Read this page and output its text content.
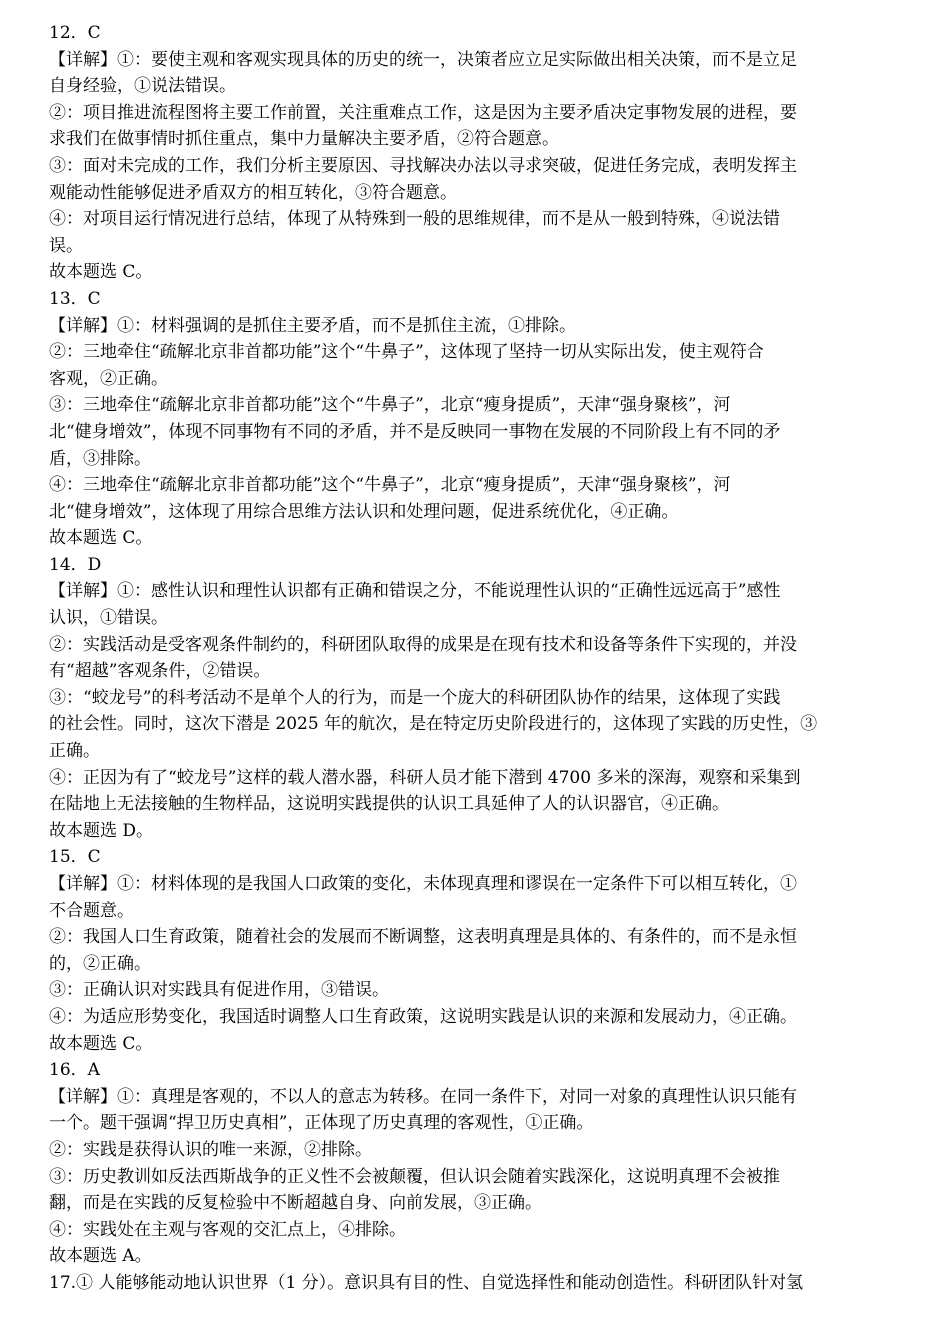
12．C

【详解】①：要使主观和客观实现具体的历史的统一，决策者应立足实际做出相关决策，而不是立足

自身经验，①说法错误。

②：项目推进流程图将主要工作前置，关注重难点工作，这是因为主要矛盾决定事物发展的进程，要

求我们在做事情时抓住重点，集中力量解决主要矛盾，②符合题意。

③：面对未完成的工作，我们分析主要原因、寻找解决办法以寻求突破，促进任务完成，表明发挥主

观能动性能够促进矛盾双方的相互转化，③符合题意。

④：对项目运行情况进行总结，体现了从特殊到一般的思维规律，而不是从一般到特殊，④说法错

误。

故本题选 C。

13．C

【详解】①：材料强调的是抓住主要矛盾，而不是抓住主流，①排除。

②：三地牵住“疏解北京非首都功能”这个“牛鼻子”，这体现了坚持一切从实际出发，使主观符合

客观，②正确。

③：三地牵住“疏解北京非首都功能”这个“牛鼻子”，北京“瘦身提质”，天津“强身聚核”，河

北“健身增效”，体现不同事物有不同的矛盾，并不是反映同一事物在发展的不同阶段上有不同的矛

盾，③排除。

④：三地牵住“疏解北京非首都功能”这个“牛鼻子”，北京“瘦身提质”，天津“强身聚核”，河

北“健身增效”，这体现了用综合思维方法认识和处理问题，促进系统优化，④正确。

故本题选 C。

14．D

【详解】①：感性认识和理性认识都有正确和错误之分，不能说理性认识的“正确性远远高于”感性

认识，①错误。

②：实践活动是受客观条件制约的，科研团队取得的成果是在现有技术和设备等条件下实现的，并没

有“超越”客观条件，②错误。

③：“蛟龙号”的科考活动不是单个人的行为，而是一个庞大的科研团队协作的结果，这体现了实践

的社会性。同时，这次下潜是 2025 年的航次，是在特定历史阶段进行的，这体现了实践的历史性，③

正确。

④：正因为有了“蛟龙号”这样的载人潜水器，科研人员才能下潜到 4700 多米的深海，观察和采集到

在陆地上无法接触的生物样品，这说明实践提供的认识工具延伸了人的认识器官，④正确。

故本题选 D。

15．C

【详解】①：材料体现的是我国人口政策的变化，未体现真理和谬误在一定条件下可以相互转化，①

不合题意。

②：我国人口生育政策，随着社会的发展而不断调整，这表明真理是具体的、有条件的，而不是永恒

的，②正确。

③：正确认识对实践具有促进作用，③错误。

④：为适应形势变化，我国适时调整人口生育政策，这说明实践是认识的来源和发展动力，④正确。

故本题选 C。

16．A

【详解】①：真理是客观的，不以人的意志为转移。在同一条件下，对同一对象的真理性认识只能有

一个。题干强调“捍卫历史真相”，正体现了历史真理的客观性，①正确。

②：实践是获得认识的唯一来源，②排除。

③：历史教训如反法西斯战争的正义性不会被颠覆，但认识会随着实践深化，这说明真理不会被推

翻，而是在实践的反复检验中不断超越自身、向前发展，③正确。

④：实践处在主观与客观的交汇点上，④排除。

故本题选 A。

17.① 人能够能动地认识世界（1 分）。意识具有目的性、自觉选择性和能动创造性。科研团队针对氢
